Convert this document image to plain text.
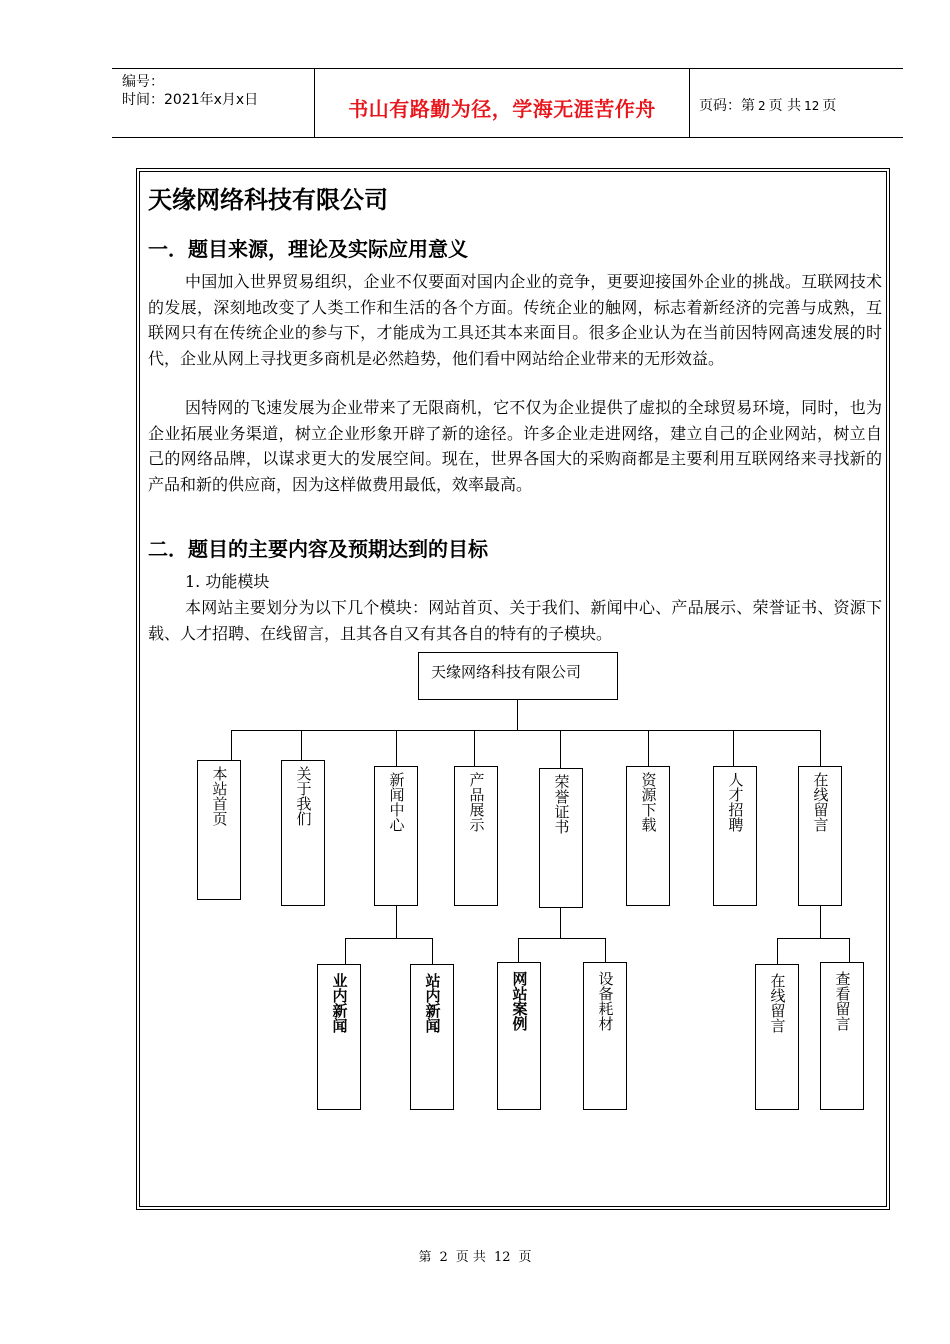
编号：
时间：2021年x月x日	书山有路勤为径，学海无涯苦作舟	页码：第 2 页 共 12 页
天缘网络科技有限公司
一．题目来源，理论及实际应用意义

中国加入世界贸易组织，企业不仅要面对国内企业的竞争，更要迎接国外企业的挑战。互联网技术的发展，深刻地改变了人类工作和生活的各个方面。传统企业的触网，标志着新经济的完善与成熟，互联网只有在传统企业的参与下，才能成为工具还其本来面目。很多企业认为在当前因特网高速发展的时代，企业从网上寻找更多商机是必然趋势，他们看中网站给企业带来的无形效益。

因特网的飞速发展为企业带来了无限商机，它不仅为企业提供了虚拟的全球贸易环境，同时，也为企业拓展业务渠道，树立企业形象开辟了新的途径。许多企业走进网络，建立自己的企业网站，树立自己的网络品牌，以谋求更大的发展空间。现在，世界各国大的采购商都是主要利用互联网络来寻找新的产品和新的供应商，因为这样做费用最低，效率最高。

二．题目的主要内容及预期达到的目标
1. 功能模块

本网站主要划分为以下几个模块：网站首页、关于我们、新闻中心、产品展示、荣誉证书、资源下载、人才招聘、在线留言，且其各自又有其各自的特有的子模块。

天缘网络科技有限公司
本站首页	关于我们	新闻中心	产品展示	荣誉证书	资源下载	人才招聘	在线留言
业内新闻	站内新闻	网站案例	设备耗材	在线留言	查看留言
第 2 页 共 12 页
